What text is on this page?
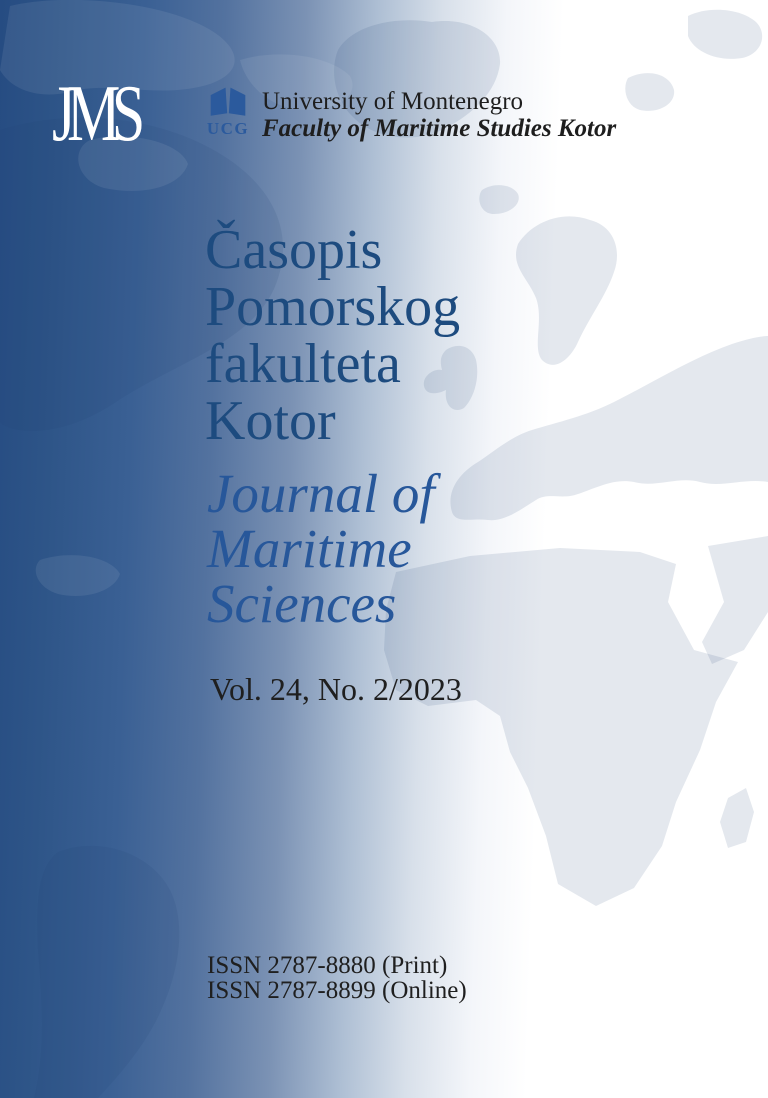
JMS	UCG
University of Montenegro
Faculty of Maritime Studies Kotor
Časopis
Pomorskog
fakulteta
Kotor
Journal of
Maritime
Sciences
Vol. 24, No. 2/2023
ISSN 2787-8880 (Print)
ISSN 2787-8899 (Online)
